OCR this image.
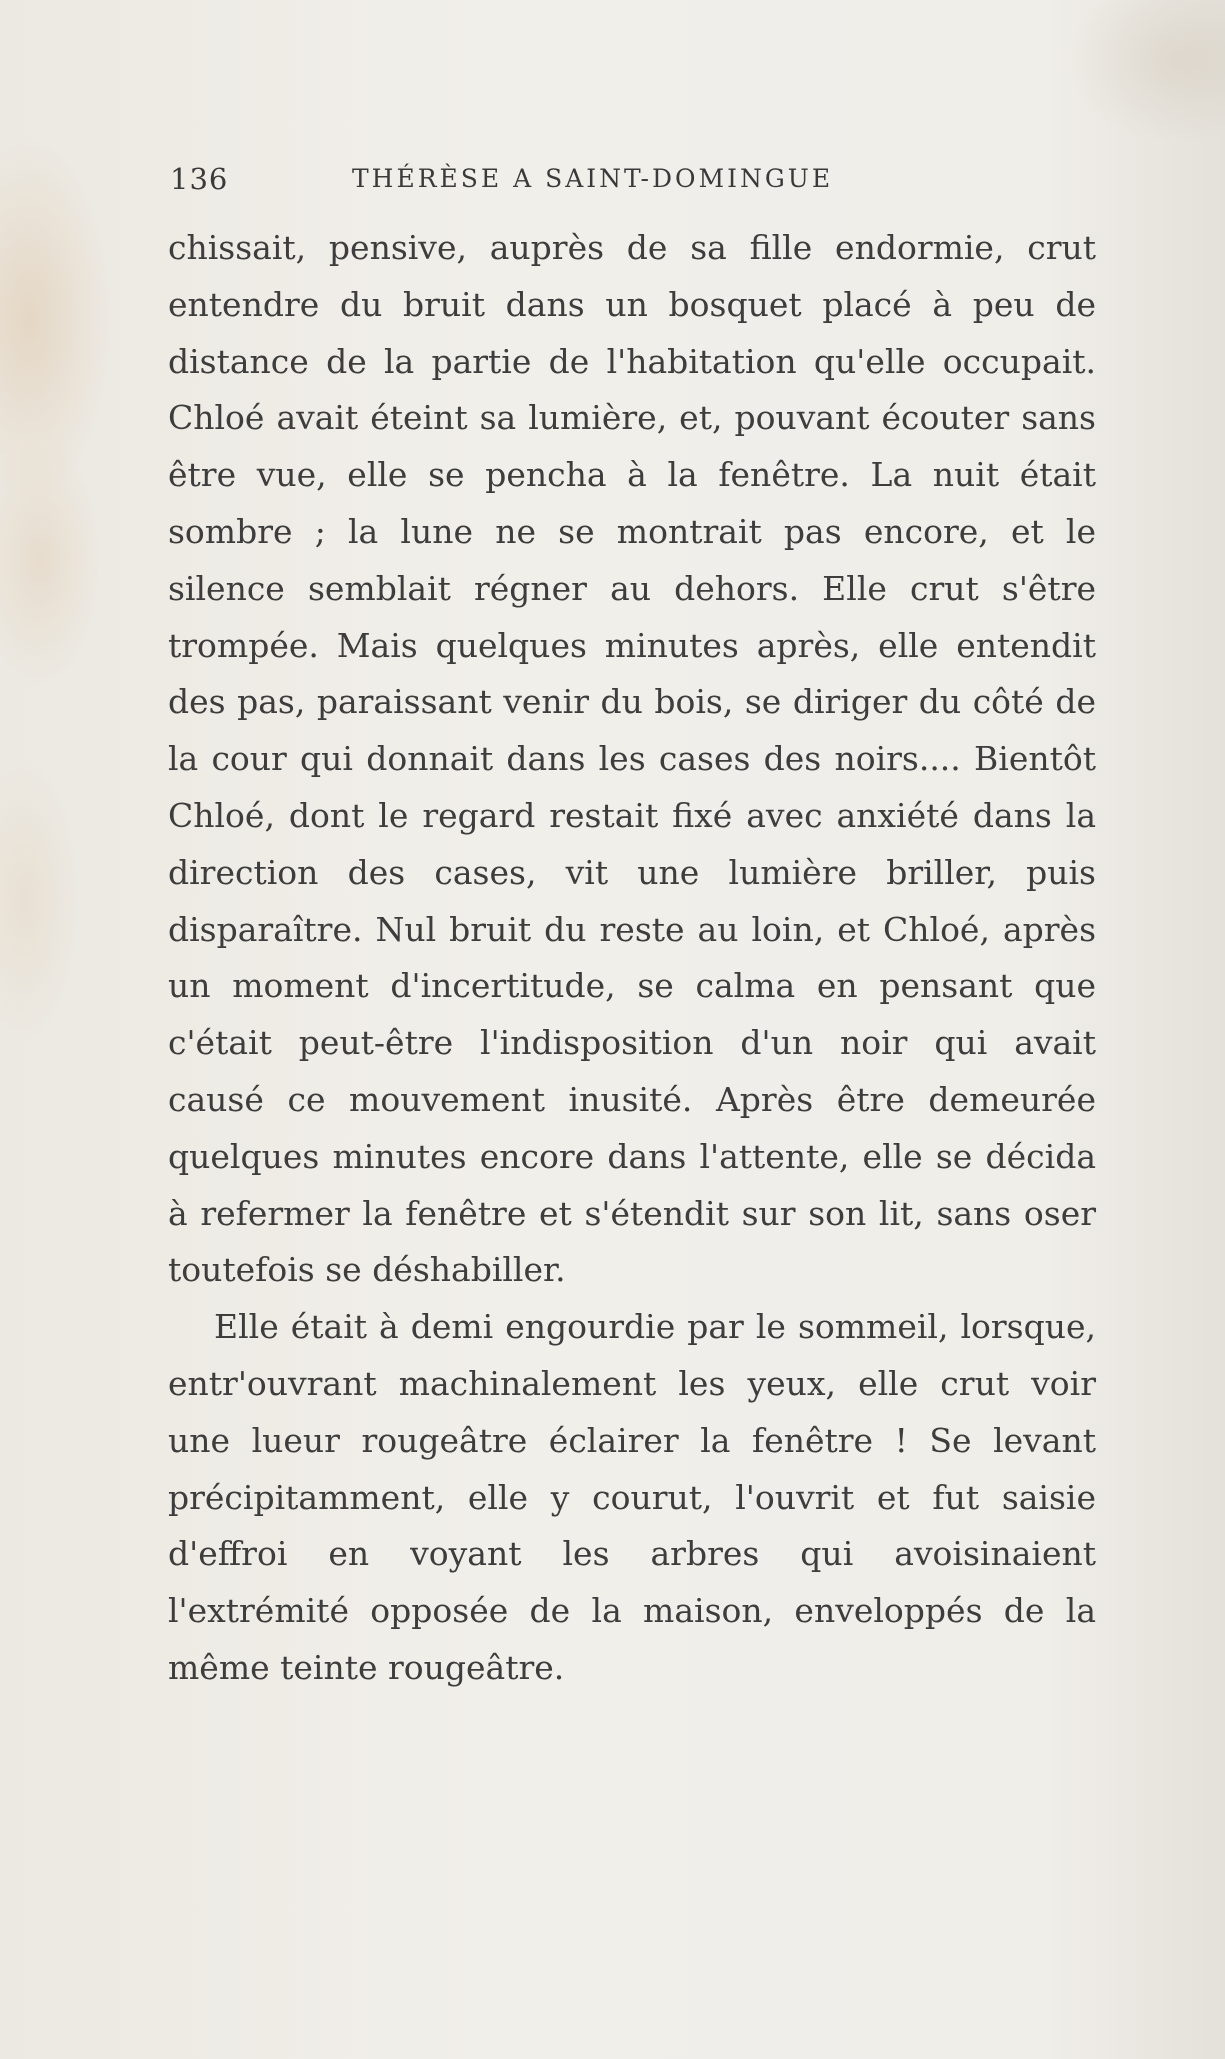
136	THÉRÈSE A SAINT-DOMINGUE

chissait, pensive, auprès de sa fille endormie, crut entendre du bruit dans un bosquet placé à peu de distance de la partie de l'habitation qu'elle occupait. Chloé avait éteint sa lumière, et, pouvant écouter sans être vue, elle se pencha à la fenêtre. La nuit était sombre ; la lune ne se montrait pas encore, et le silence semblait régner au dehors. Elle crut s'être trompée. Mais quelques minutes après, elle entendit des pas, paraissant venir du bois, se diriger du côté de la cour qui donnait dans les cases des noirs.... Bientôt Chloé, dont le regard restait fixé avec anxiété dans la direction des cases, vit une lumière briller, puis disparaître. Nul bruit du reste au loin, et Chloé, après un moment d'incertitude, se calma en pensant que c'était peut-être l'indisposition d'un noir qui avait causé ce mouvement inusité. Après être demeurée quelques minutes encore dans l'attente, elle se décida à refermer la fenêtre et s'étendit sur son lit, sans oser toutefois se déshabiller.

Elle était à demi engourdie par le sommeil, lorsque, entr'ouvrant machinalement les yeux, elle crut voir une lueur rougeâtre éclairer la fenêtre ! Se levant précipitamment, elle y courut, l'ouvrit et fut saisie d'effroi en voyant les arbres qui avoisinaient l'extrémité opposée de la maison, enveloppés de la même teinte rougeâtre.
